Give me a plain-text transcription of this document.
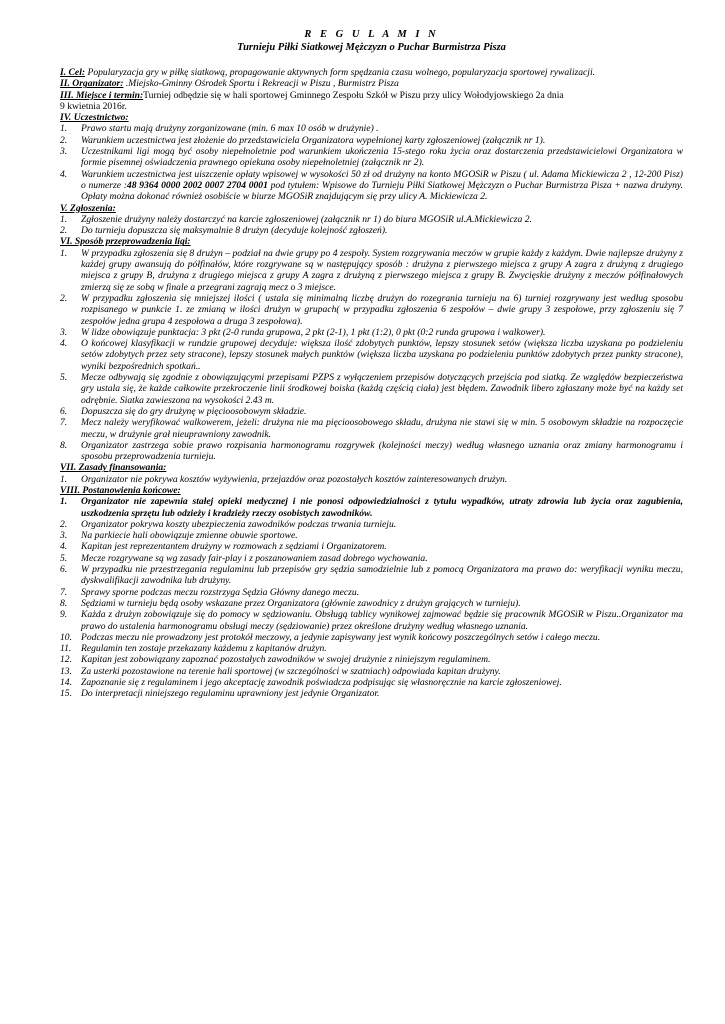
R E G U L A M I N
Turnieju Piłki Siatkowej Mężczyzn o Puchar Burmistrza Pisza

I. Cel: Popularyzacja gry w piłkę siatkową, propagowanie aktywnych form spędzania czasu wolnego, popularyzacja sportowej rywalizacji.

II. Organizator: .Miejsko-Gminny Ośrodek Sportu i Rekreacji w Piszu , Burmistrz Pisza

III. Miejsce i termin:Turniej odbędzie się w hali sportowej Gminnego Zespołu Szkół w Piszu przy ulicy Wołodyjowskiego 2a dnia
9 kwietnia 2016r.

IV. Uczestnictwo:

1. Prawo startu mają drużyny zorganizowane (min. 6 max 10 osób w drużynie) .
2. Warunkiem uczestnictwa jest złożenie do przedstawiciela Organizatora wypełnionej karty zgłoszeniowej (załącznik nr 1).
3. Uczestnikami ligi mogą być osoby niepełnoletnie pod warunkiem ukończenia 15-stego roku życia oraz dostarczenia przedstawicielowi Organizatora w formie pisemnej oświadczenia prawnego opiekuna osoby niepełnoletniej (załącznik nr 2).
4. Warunkiem uczestnictwa jest uiszczenie opłaty wpisowej w wysokości 50 zł od drużyny na konto MGOSiR w Piszu ( ul. Adama Mickiewicza 2 , 12-200 Pisz) o numerze :48 9364 0000 2002 0007 2704 0001 pod tytułem: Wpisowe do Turnieju Piłki Siatkowej Mężczyzn o Puchar Burmistrza Pisza + nazwa drużyny. Opłaty można dokonać również osobiście w biurze MGOSiR znajdującym się przy ulicy A. Mickiewicza 2.

V. Zgłoszenia:

1. Zgłoszenie drużyny należy dostarczyć na karcie zgłoszeniowej (załącznik nr 1) do biura MGOSiR ul.A.Mickiewicza 2.
2. Do turnieju dopuszcza się maksymalnie 8 drużyn (decyduje kolejność zgłoszeń).

VI. Sposób przeprowadzenia ligi:

1. W przypadku zgłoszenia się 8 drużyn – podział na dwie grupy po 4 zespoły. System rozgrywania meczów w grupie każdy z każdym. Dwie najlepsze drużyny z każdej grupy awansują do półfinałów, które rozgrywane są w następujący sposób : drużyna z pierwszego miejsca z grupy A zagra z drużyną z drugiego miejsca z grupy B, drużyna z drugiego miejsca z grupy A zagra z drużyną z pierwszego miejsca z grupy B. Zwycięskie drużyny z meczów półfinałowych zmierzą się ze sobą w finale a przegrani zagrają mecz o 3 miejsce.
2. W przypadku zgłoszenia się mniejszej ilości ( ustala się minimalną liczbę drużyn do rozegrania turnieju na 6) turniej rozgrywany jest według sposobu rozpisanego w punkcie 1. ze zmianą w ilości drużyn w grupach( w przypadku zgłoszenia 6 zespołów – dwie grupy 3 zespołowe, przy zgłoszeniu się 7 zespołów jedna grupa 4 zespołowa a druga 3 zespołowa).
3. W lidze obowiązuje punktacja: 3 pkt (2-0 runda grupowa, 2 pkt (2-1), 1 pkt (1:2), 0 pkt (0:2 runda grupowa i walkower).
4. O końcowej klasyfikacji w rundzie grupowej decyduje: większa ilość zdobytych punktów, lepszy stosunek setów (większa liczba uzyskana po podzieleniu setów zdobytych przez sety stracone), lepszy stosunek małych punktów (większa liczba uzyskana po podzieleniu punktów zdobytych przez punkty stracone), wyniki bezpośrednich spotkań..
5. Mecze odbywają się zgodnie z obowiązującymi przepisami PZPS z wyłączeniem przepisów dotyczących przejścia pod siatką. Ze względów bezpieczeństwa gry ustala się, że każde całkowite przekroczenie linii środkowej boiska (każdą częścią ciała) jest błędem. Zawodnik libero zgłaszany może być na każdy set odrębnie. Siatka zawieszona na wysokości 2.43 m.
6. Dopuszcza się do gry drużynę w pięcioosobowym składzie.
7. Mecz należy weryfikować walkowerem, jeżeli: drużyna nie ma pięcioosobowego składu, drużyna nie stawi się w min. 5 osobowym składzie na rozpoczęcie meczu, w drużynie grał nieuprawniony zawodnik.
8. Organizator zastrzega sobie prawo rozpisania harmonogramu rozgrywek (kolejności meczy) według własnego uznania oraz zmiany harmonogramu i sposobu przeprowadzenia turnieju.

VII. Zasady finansowania:

1. Organizator nie pokrywa kosztów wyżywienia, przejazdów oraz pozostałych kosztów zainteresowanych drużyn.

VIII. Postanowienia końcowe:

1. Organizator nie zapewnia stałej opieki medycznej i nie ponosi odpowiedzialności z tytułu wypadków, utraty zdrowia lub życia oraz zagubienia, uszkodzenia sprzętu lub odzieży i kradzieży rzeczy osobistych zawodników.
2. Organizator pokrywa koszty ubezpieczenia zawodników podczas trwania turnieju.
3. Na parkiecie hali obowiązuje zmienne obuwie sportowe.
4. Kapitan jest reprezentantem drużyny w rozmowach z sędziami i Organizatorem.
5. Mecze rozgrywane są wg zasady fair-play i z poszanowaniem zasad dobrego wychowania.
6. W przypadku nie przestrzegania regulaminu lub przepisów gry sędzia samodzielnie lub z pomocą Organizatora ma prawo do: weryfikacji wyniku meczu, dyskwalifikacji zawodnika lub drużyny.
7. Sprawy sporne podczas meczu rozstrzyga Sędzia Główny danego meczu.
8. Sędziami w turnieju będą osoby wskazane przez Organizatora (głównie zawodnicy z drużyn grających w turnieju).
9. Każda z drużyn zobowiązuje się do pomocy w sędziowaniu. Obsługą tablicy wynikowej zajmować będzie się pracownik MGOSiR w Piszu..Organizator ma prawo do ustalenia harmonogramu obsługi meczy (sędziowanie) przez określone drużyny według własnego uznania.
10. Podczas meczu nie prowadzony jest protokół meczowy, a jedynie zapisywany jest wynik końcowy poszczególnych setów i całego meczu.
11. Regulamin ten zostaje przekazany każdemu z kapitanów drużyn.
12. Kapitan jest zobowiązany zapoznać pozostałych zawodników w swojej drużynie z niniejszym regulaminem.
13. Za usterki pozostawione na terenie hali sportowej (w szczególności w szatniach) odpowiada kapitan drużyny.
14. Zapoznanie się z regulaminem i jego akceptację zawodnik poświadcza podpisując się własnoręcznie na karcie zgłoszeniowej.
15. Do interpretacji niniejszego regulaminu uprawniony jest jedynie Organizator.
